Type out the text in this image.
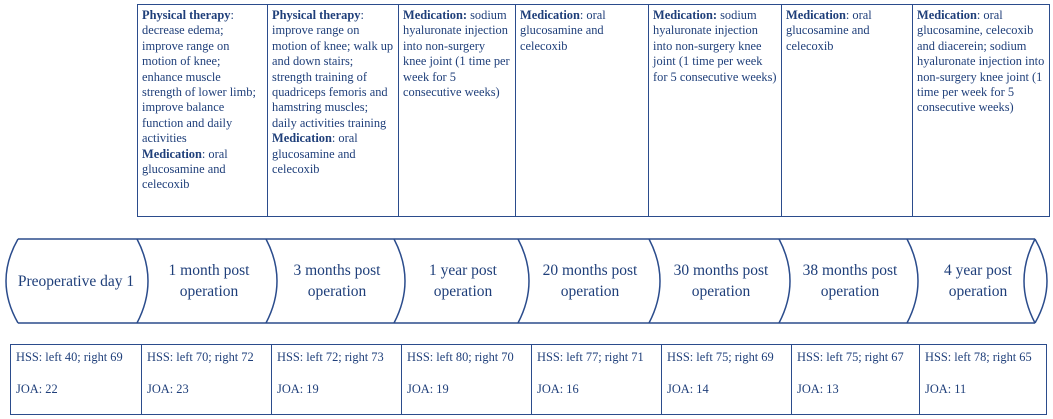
Physical therapy: decrease edema; improve range on motion of knee; enhance muscle strength of lower limb; improve balance function and daily activities
Medication: oral glucosamine and celecoxib
Physical therapy: improve range on motion of knee; walk up and down stairs; strength training of quadriceps femoris and hamstring muscles; daily activities training
Medication: oral glucosamine and celecoxib
Medication: sodium hyaluronate injection into non-surgery knee joint (1 time per week for 5 consecutive weeks)
Medication: oral glucosamine and celecoxib
Medication: sodium hyaluronate injection into non-surgery knee joint (1 time per week for 5 consecutive weeks)
Medication: oral glucosamine and celecoxib
Medication: oral glucosamine, celecoxib and diacerein; sodium hyaluronate injection into non-surgery knee joint (1 time per week for 5 consecutive weeks)
Preoperative day 1
1 month post operation
3 months post operation
1 year post operation
20 months post operation
30 months post operation
38 months post operation
4 year post operation
HSS: left 40; right 69
JOA: 22
HSS: left 70; right 72
JOA: 23
HSS: left 72; right 73
JOA: 19
HSS: left 80; right 70
JOA: 19
HSS: left 77; right 71
JOA: 16
HSS: left 75; right 69
JOA: 14
HSS: left 75; right 67
JOA: 13
HSS: left 78; right 65
JOA: 11
